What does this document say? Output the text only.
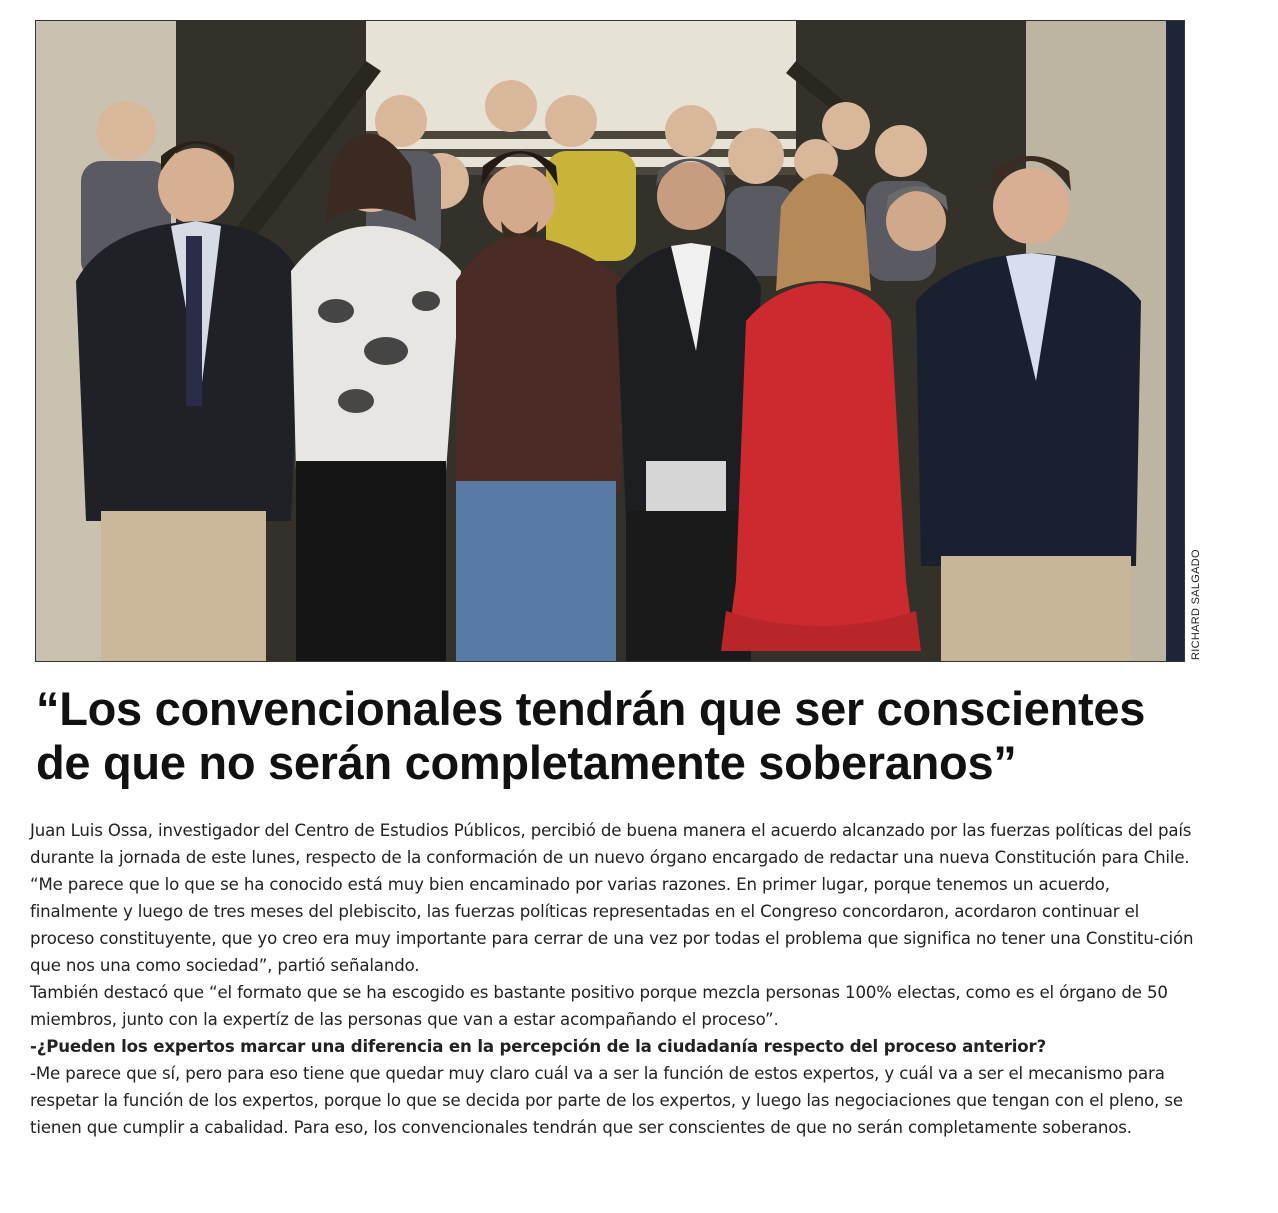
RICHARD SALGADO
“Los convencionales tendrán que ser conscientes
de que no serán completamente soberanos”

Juan Luis Ossa, investigador del Centro de Estudios Públicos, percibió de buena manera el acuerdo alcanzado por las fuerzas políticas del país durante la jornada de este lunes, respecto de la conformación de un nuevo órgano encargado de redactar una nueva Constitución para Chile.

“Me parece que lo que se ha conocido está muy bien encaminado por varias razones. En primer lugar, porque tenemos un acuerdo, finalmente y luego de tres meses del plebiscito, las fuerzas políticas representadas en el Congreso concordaron, acordaron continuar el proceso constituyente, que yo creo era muy importante para cerrar de una vez por todas el problema que significa no tener una Constitu-ción que nos una como sociedad”, partió señalando.

También destacó que “el formato que se ha escogido es bastante positivo porque mezcla personas 100% electas, como es el órgano de 50 miembros, junto con la expertíz de las personas que van a estar acompañando el proceso”.

-¿Pueden los expertos marcar una diferencia en la percepción de la ciudadanía respecto del proceso anterior?

-Me parece que sí, pero para eso tiene que quedar muy claro cuál va a ser la función de estos expertos, y cuál va a ser el mecanismo para respetar la función de los expertos, porque lo que se decida por parte de los expertos, y luego las negociaciones que tengan con el pleno, se tienen que cumplir a cabalidad. Para eso, los convencionales tendrán que ser conscientes de que no serán completamente soberanos.
